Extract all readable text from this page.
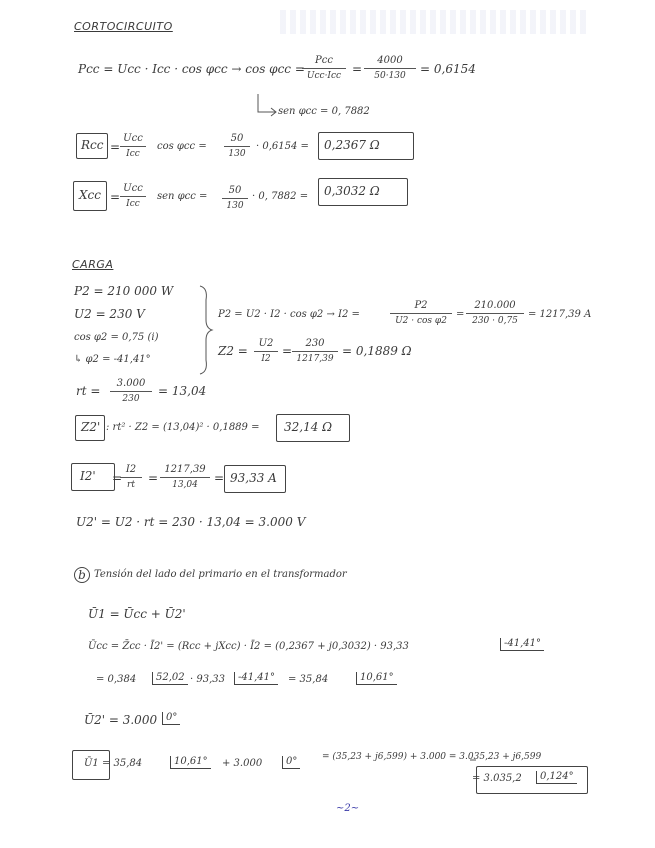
CORTOCIRCUITO
Pcc = Ucc · Icc · cos φcc → cos φcc =
Pcc
$Ucc\cdot Icc = \frac{4000}{50\cdot 130} = 0,6154$
sen φcc = 0, 7882
Rcc =
Ucc
Icc
$\cos \varphi cc = \frac{50}{130} \cdot 0,6154 = 0,2367$ Ω
Xcc =
Ucc
Icc
sen $\varphi cc = \frac{50}{130} \cdot 0$, 7882 = 0,3032 Ω
CARGA
P2 = 210 000 W
U2 = 230 V
cos φ2 = 0,75 (i)
↳ φ2 = -41,41°
P2 = U2 · I2 · cos φ2 → I2 =	$\frac{P2}{\text{U2 · cos φ2}} = \frac{210.000}{230 \cdot 0,75} = 1217,39$ A
$Z2 = \frac{U2}{I2} = \frac{230}{1217,39} = 0,1889$ Ω
rt = $\frac{3.000}{230} = 13,04$
Z2' : rt² · Z2 = (13,04)² · 0,1889 = 32,14 Ω
I2' =
$\frac{I2}{rt} = \frac{1217,39}{13,04} = 93,33$ A
U2' = U2 · rt = 230 · 13,04 = 3.000 V
b Tensión del lado del primario en el transformador
Ū1 = Ūcc + Ū2'
Ūcc = Z̄cc · Ī2' = (Rcc + jXcc) · Ī2 = (0,2367 + j0,3032) · 93,33	-41,41°
= 0,384	52,02 · 93,33	-41,41°	= 35,84	10,61°
Ū2' = 3.000 0°
Ū1 = 35,84	10,61°	+ 3.000	0°	= (35,23 + j6,599) + 3.000 = 3.035,23 + j6,599
= 3.035,2	0,124°
~2~
